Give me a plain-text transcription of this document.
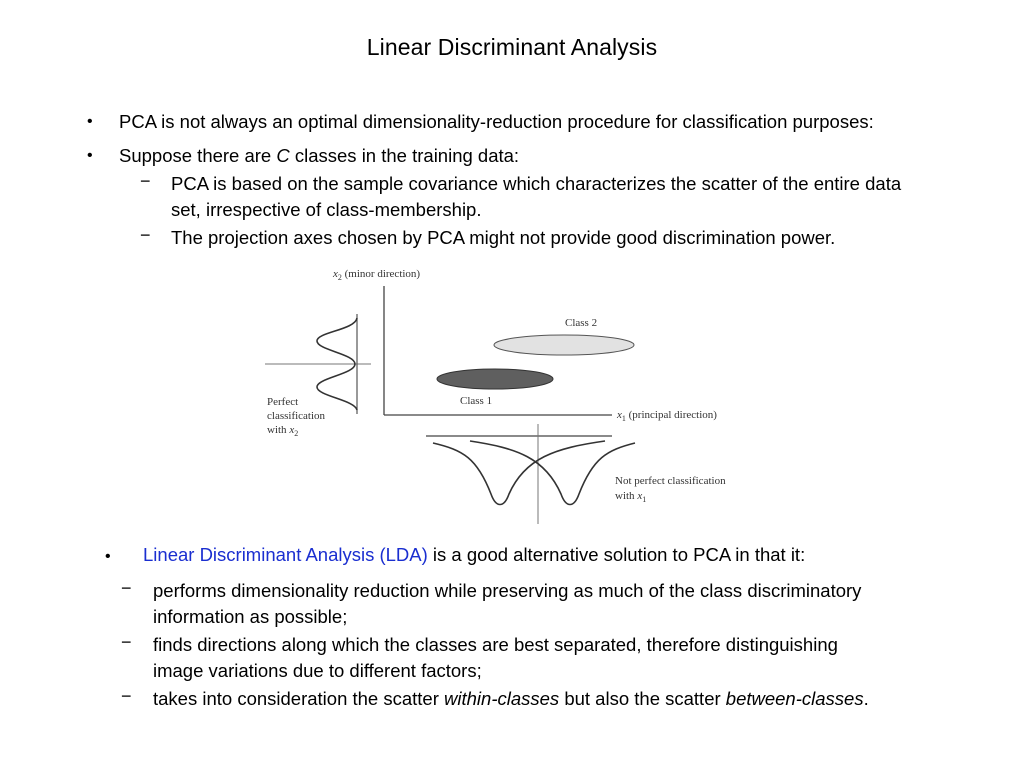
Linear Discriminant Analysis
• PCA is not always an optimal dimensionality-reduction procedure for classification purposes:
• Suppose there are C classes in the training data:
− PCA is based on the sample covariance which characterizes the scatter of the entire data
set, irrespective of class-membership.
− The projection axes chosen by PCA might not provide good discrimination power.
$x_2$ (minor direction)
$x_1$ (principal direction)
Class 2
Class 1
Perfect
classification
with $x_2$
Not perfect classification
with $x_1$
• Linear Discriminant Analysis (LDA) is a good alternative solution to PCA in that it:
− performs dimensionality reduction while preserving as much of the class discriminatory
information as possible;
− finds directions along which the classes are best separated, therefore distinguishing
image variations due to different factors;
− takes into consideration the scatter within-classes but also the scatter between-classes.
